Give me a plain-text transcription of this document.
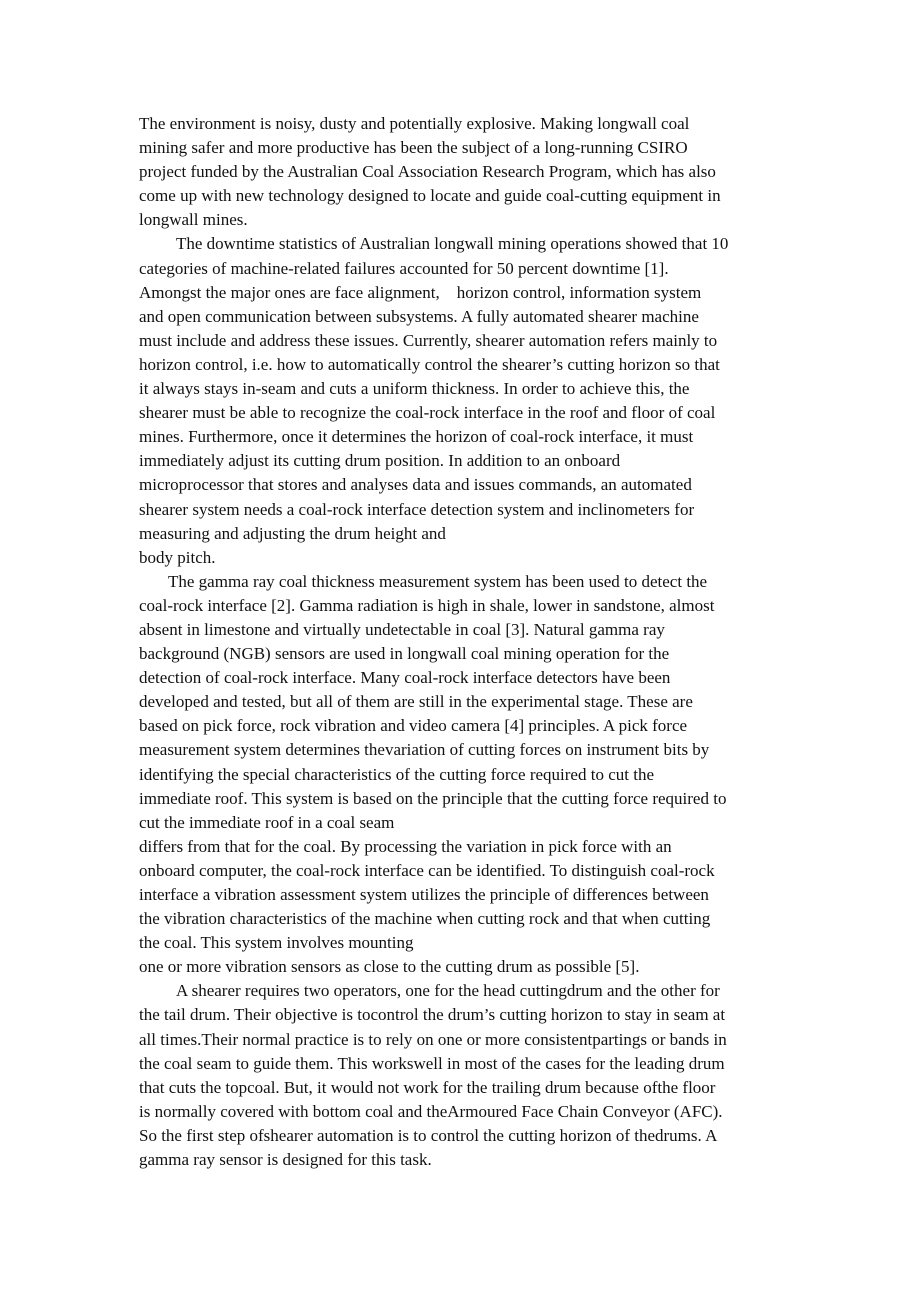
The environment is noisy, dusty and potentially explosive. Making longwall coal
mining safer and more productive has been the subject of a long-running CSIRO
project funded by the Australian Coal Association Research Program, which has also
come up with new technology designed to locate and guide coal-cutting equipment in
longwall mines.
The downtime statistics of Australian longwall mining operations showed that 10
categories of machine-related failures accounted for 50 percent downtime [1].
Amongst the major ones are face alignment,    horizon control, information system
and open communication between subsystems. A fully automated shearer machine
must include and address these issues. Currently, shearer automation refers mainly to
horizon control, i.e. how to automatically control the shearer’s cutting horizon so that
it always stays in-seam and cuts a uniform thickness. In order to achieve this, the
shearer must be able to recognize the coal-rock interface in the roof and floor of coal
mines. Furthermore, once it determines the horizon of coal-rock interface, it must
immediately adjust its cutting drum position. In addition to an onboard
microprocessor that stores and analyses data and issues commands, an automated
shearer system needs a coal-rock interface detection system and inclinometers for
measuring and adjusting the drum height and
body pitch.
The gamma ray coal thickness measurement system has been used to detect the
coal-rock interface [2]. Gamma radiation is high in shale, lower in sandstone, almost
absent in limestone and virtually undetectable in coal [3]. Natural gamma ray
background (NGB) sensors are used in longwall coal mining operation for the
detection of coal-rock interface. Many coal-rock interface detectors have been
developed and tested, but all of them are still in the experimental stage. These are
based on pick force, rock vibration and video camera [4] principles. A pick force
measurement system determines thevariation of cutting forces on instrument bits by
identifying the special characteristics of the cutting force required to cut the
immediate roof. This system is based on the principle that the cutting force required to
cut the immediate roof in a coal seam
differs from that for the coal. By processing the variation in pick force with an
onboard computer, the coal-rock interface can be identified. To distinguish coal-rock
interface a vibration assessment system utilizes the principle of differences between
the vibration characteristics of the machine when cutting rock and that when cutting
the coal. This system involves mounting
one or more vibration sensors as close to the cutting drum as possible [5].
A shearer requires two operators, one for the head cuttingdrum and the other for
the tail drum. Their objective is tocontrol the drum’s cutting horizon to stay in seam at
all times.Their normal practice is to rely on one or more consistentpartings or bands in
the coal seam to guide them. This workswell in most of the cases for the leading drum
that cuts the topcoal. But, it would not work for the trailing drum because ofthe floor
is normally covered with bottom coal and theArmoured Face Chain Conveyor (AFC).
So the first step ofshearer automation is to control the cutting horizon of thedrums. A
gamma ray sensor is designed for this task.
